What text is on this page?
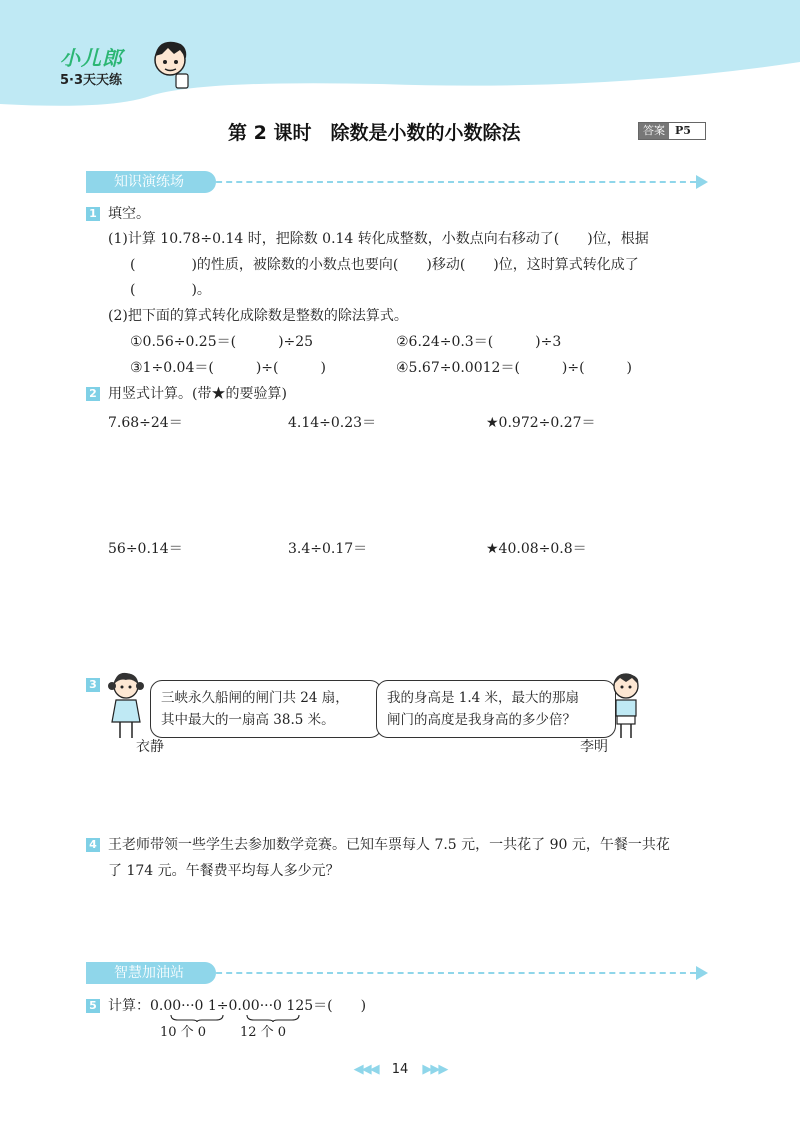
小儿郎
5·3天天练
第 2 课时　除数是小数的小数除法	答案 P5
知识演练场
1 填空。
(1)计算 10.78÷0.14 时，把除数 0.14 转化成整数，小数点向右移动了(　　)位，根据
(　　　　)的性质，被除数的小数点也要向(　　)移动(　　)位，这时算式转化成了
(　　　　)。
(2)把下面的算式转化成除数是整数的除法算式。
①0.56÷0.25＝(　　　)÷25	②6.24÷0.3＝(　　　)÷3
③1÷0.04＝(　　　)÷(　　　)	④5.67÷0.0012＝(　　　)÷(　　　)
2 用竖式计算。(带★的要验算)
7.68÷24＝	4.14÷0.23＝	★0.972÷0.27＝
56÷0.14＝	3.4÷0.17＝	★40.08÷0.8＝
3
三峡永久船闸的闸门共 24 扇，
其中最大的一扇高 38.5 米。
我的身高是 1.4 米，最大的那扇
闸门的高度是我身高的多少倍？
衣静	李明
4 王老师带领一些学生去参加数学竞赛。已知车票每人 7.5 元，一共花了 90 元，午餐一共花
了 174 元。午餐费平均每人多少元？
智慧加油站
5 计算：0.00···0 1÷0.00···0 125＝(　　)
10 个 0	12 个 0
◀◀◀ 14 ▶▶▶
